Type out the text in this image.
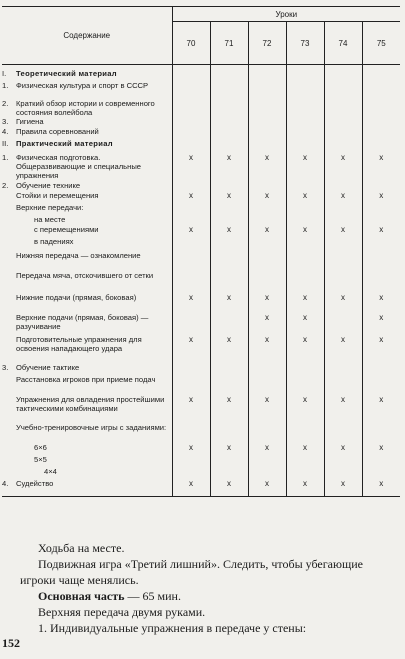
Содержание	Уроки					
	70	71	72	73	74	75

I. Теоретический материал						

1. Физическая культура и спорт в СССР						

2. Краткий обзор истории и современного состояния волейбола						

3. Гигиена						

4. Правила соревнований						

II. Практический материал						

1. Физическая подготовка. Общеразвивающие и специальные упражнения	x	x	x	x	x	x

2. Обучение технике						

Стойки и перемещения	x	x	x	x	x	x

Верхние передачи:						

на месте						

с перемещениями	x	x	x	x	x	x

в падениях						

Нижняя передача — ознакомление						

Передача мяча, отскочившего от сетки						

Нижние подачи (прямая, боковая)	x	x	x	x	x	x

Верхние подачи (прямая, боковая) — разучивание			x	x		x

Подготовительные упражнения для освоения нападающего удара	x	x	x	x	x	x

3. Обучение тактике						

Расстановка игроков при приеме подач						

Упражнения для овладения простейшими тактическими комбинациями	x	x	x	x	x	x

Учебно-тренировочные игры с заданиями:						

6×6	x	x	x	x	x	x

5×5						

4×4						

4. Судейство	x	x	x	x	x	x

Ходьба на месте.

Подвижная игра «Третий лишний». Следить, чтобы убегающие игроки чаще менялись.

Основная часть — 65 мин.

Верхняя передача двумя руками.

1. Индивидуальные упражнения в передаче у стены:

152
